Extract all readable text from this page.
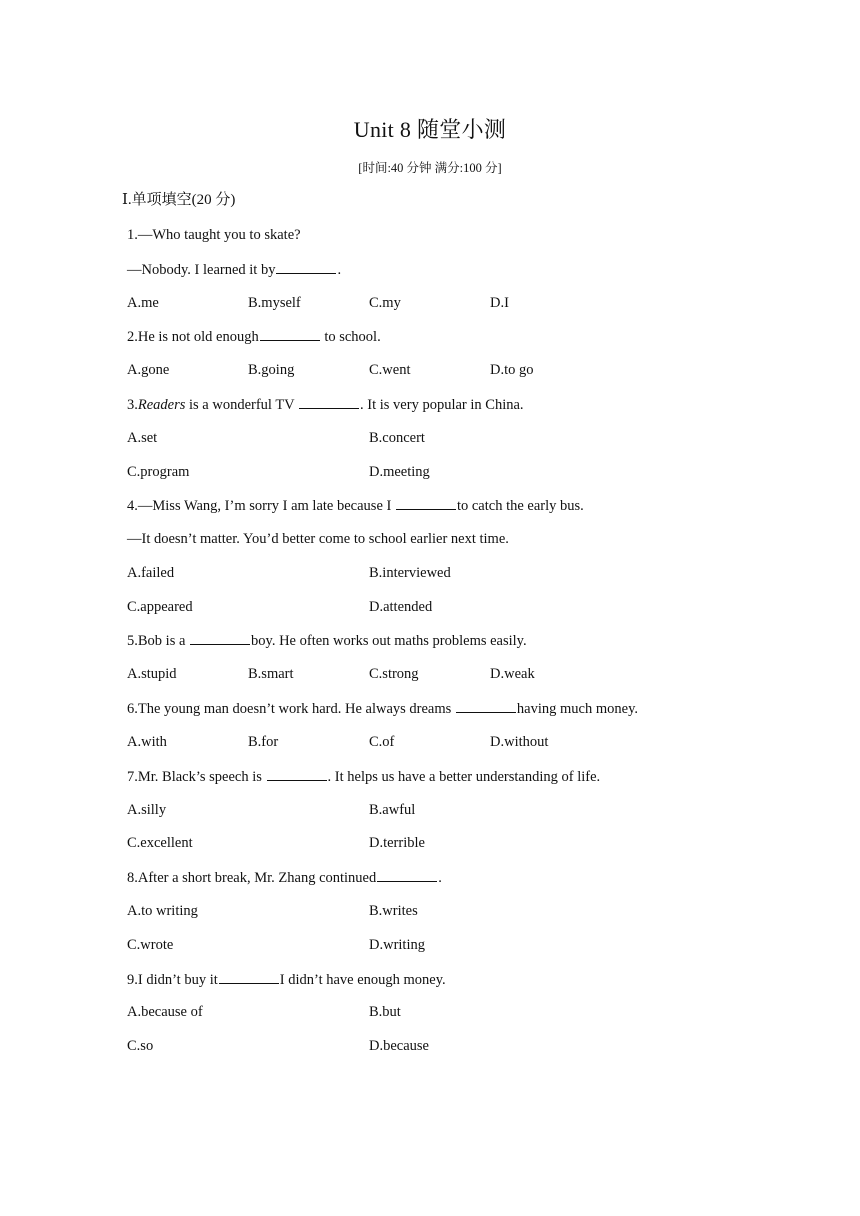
Unit 8 随堂小测
[时间:40 分钟 满分:100 分]
Ⅰ.单项填空(20 分)
1.—Who taught you to skate?
—Nobody. I learned it by	.
A.me	B.myself	C.my	D.I
2.He is not old enough	to school.
A.gone	B.going	C.went	D.to go
3.Readers is a wonderful TV	. It is very popular in China.
A.set	B.concert
C.program	D.meeting
4.—Miss Wang, I’m sorry I am late because I	to catch the early bus.
—It doesn’t matter. You’d better come to school earlier next time.
A.failed	B.interviewed
C.appeared	D.attended
5.Bob is a	boy. He often works out maths problems easily.
A.stupid	B.smart	C.strong	D.weak
6.The young man doesn’t work hard. He always dreams	having much money.
A.with	B.for	C.of	D.without
7.Mr. Black’s speech is	. It helps us have a better understanding of life.
A.silly	B.awful
C.excellent	D.terrible
8.After a short break, Mr. Zhang continued	.
A.to writing	B.writes
C.wrote	D.writing
9.I didn’t buy it	I didn’t have enough money.
A.because of	B.but
C.so	D.because
